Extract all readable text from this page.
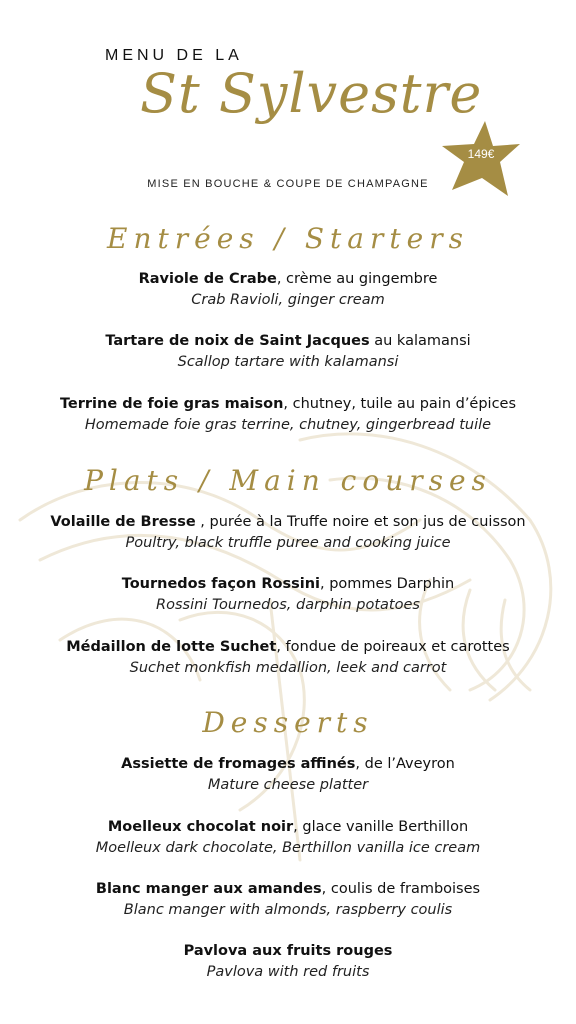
MENU DE LA
St Sylvestre
149€
MISE EN BOUCHE & COUPE DE CHAMPAGNE
Entrées / Starters
Raviole de Crabe, crème au gingembre
Crab Ravioli, ginger cream
Tartare de noix de Saint Jacques au kalamansi
Scallop tartare with kalamansi
Terrine de foie gras maison, chutney, tuile au pain d’épices
Homemade foie gras terrine, chutney, gingerbread tuile
Plats / Main courses
Volaille de Bresse , purée à la Truffe noire et son jus de cuisson
Poultry, black truffle puree and cooking juice
Tournedos façon Rossini, pommes Darphin
Rossini Tournedos, darphin potatoes
Médaillon de lotte Suchet, fondue de poireaux et carottes
Suchet monkfish medallion, leek and carrot
Desserts
Assiette de fromages affinés, de l’Aveyron
Mature cheese platter
Moelleux chocolat noir, glace vanille Berthillon
Moelleux dark chocolate, Berthillon vanilla ice cream
Blanc manger aux amandes, coulis de framboises
Blanc manger with almonds, raspberry coulis
Pavlova aux fruits rouges
Pavlova with red fruits
